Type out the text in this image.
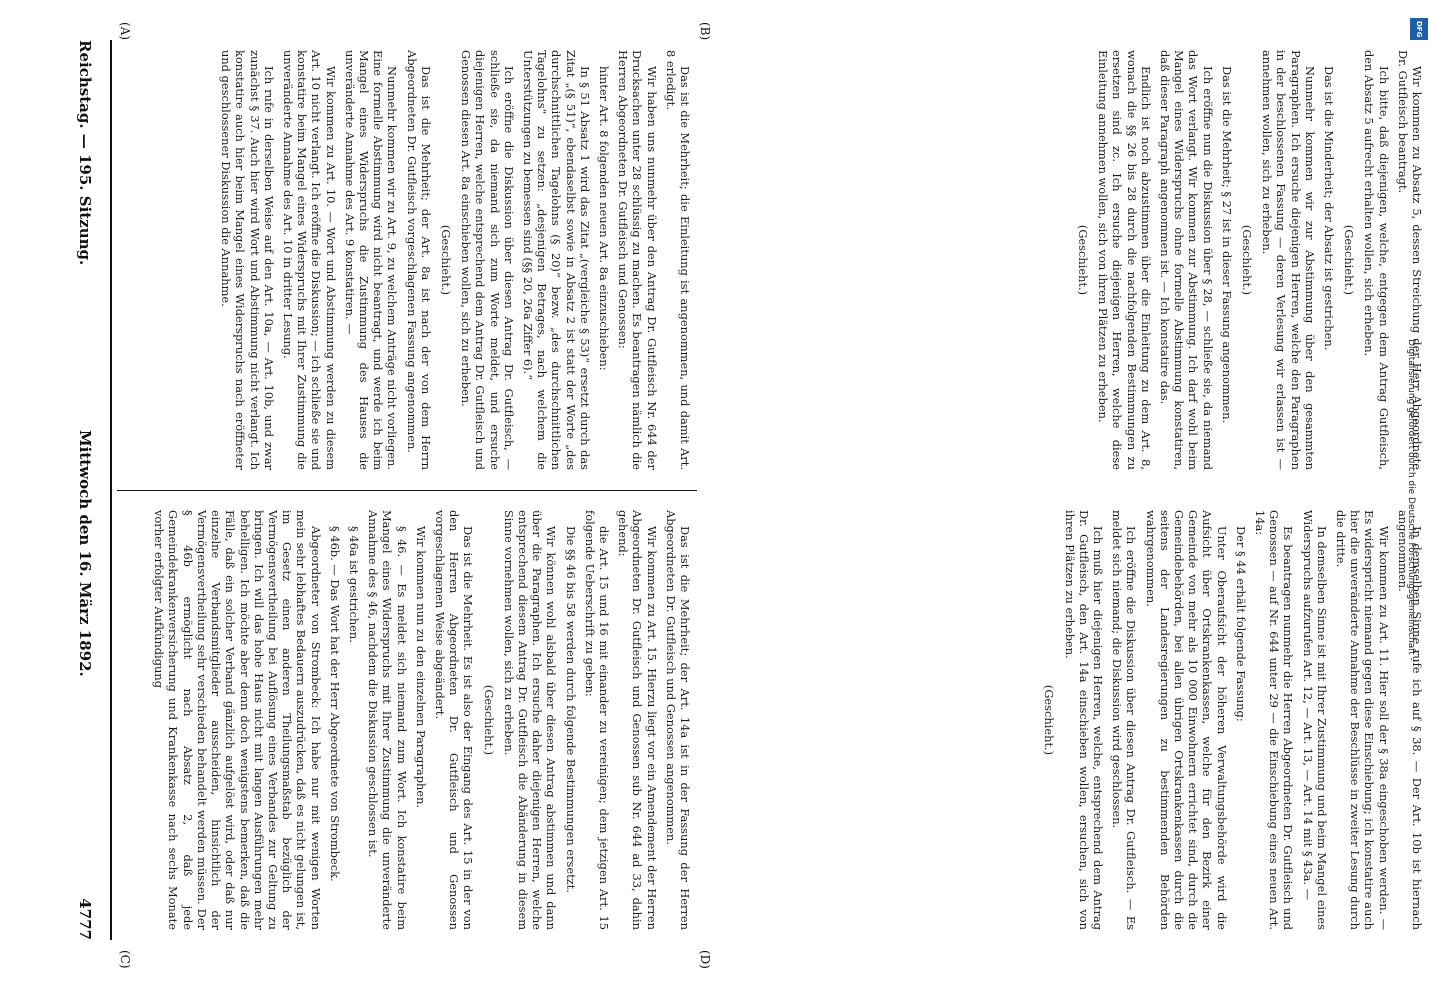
In demselben Sinne rufe ich auf § 38. — Der Art. 10b ist hiernach angenommen.

Wir kommen zu Art. 11. Hier soll der § 38a eingeschoben werden. — Es widerspricht niemand gegen diese Einschiebung; ich konstatire auch hier die unveränderte Annahme der Beschlüsse in zweiter Lesung durch die dritte.

In demselben Sinne ist mit Ihrer Zustimmung und beim Mangel eines Widerspruchs aufzurufen Art. 12, — Art. 13, — Art. 14 mit § 43a. —

Es beantragen nunmehr die Herren Abgeordneten Dr. Gutfleisch und Genossen — auf Nr. 644 unter 29 — die Einschiebung eines neuen Art. 14a:

Der § 44 erhält folgende Fassung:

Unter Oberaufsicht der höheren Verwaltungsbehörde wird die Aufsicht über Ortskrankenkassen, welche für den Bezirk einer Gemeinde von mehr als 10 000 Einwohnern errichtet sind, durch die Gemeindebehörden, bei allen übrigen Ortskrankenkassen durch die seitens der Landesregierungen zu bestimmenden Behörden wahrgenommen.

Ich eröffne die Diskussion über diesen Antrag Dr. Gutfleisch. — Es meldet sich niemand; die Diskussion wird geschlossen.

Ich muß hier diejenigen Herren, welche, entsprechend dem Antrag Dr. Gutfleisch, den Art. 14a einschieben wollen, ersuchen, sich von ihren Plätzen zu erheben.

(Geschieht.)

Das ist die Mehrheit; der Art. 14a ist in der Fassung der Herren Abgeordneten Dr. Gutfleisch und Genossen angenommen.

Wir kommen zu Art. 15. Hierzu liegt vor ein Amendement der Herren Abgeordneten Dr. Gutfleisch und Genossen sub Nr. 644 ad 33, dahin gehend:

die Art. 15 und 16 mit einander zu vereinigen; dem jetzigen Art. 15 folgende Ueberschrift zu geben:

Die §§ 46 bis 58 werden durch folgende Bestimmungen ersetzt.

Wir können wohl alsbald über diesen Antrag abstimmen und dann über die Paragraphen. Ich ersuche daher diejenigen Herren, welche entsprechend diesem Antrag Dr. Gutfleisch die Abänderung in diesem Sinne vornehmen wollen, sich zu erheben.

(Geschieht.)

Das ist die Mehrheit. Es ist also der Eingang des Art. 15 in der von den Herren Abgeordneten Dr. Gutfleisch und Genossen vorgeschlagenen Weise abgeändert.

Wir kommen nun zu den einzelnen Paragraphen.

§ 46. — Es meldet sich niemand zum Wort. Ich konstatire beim Mangel eines Widerspruchs mit Ihrer Zustimmung die unveränderte Annahme des § 46, nachdem die Diskussion geschlossen ist.

§ 46a ist gestrichen.

§ 46b. — Das Wort hat der Herr Abgeordnete von Strombeck.

Abgeordneter von Strombeck: Ich habe nur mit wenigen Worten mein sehr lebhaftes Bedauern auszudrücken, daß es nicht gelungen ist, im Gesetz einen anderen Theilungsmaßstab bezüglich der Vermögensvertheilung bei Auflösung eines Verbandes zur Geltung zu bringen. Ich will das hohe Haus nicht mit langen Ausführungen mehr behelligen. Ich möchte aber denn doch wenigstens bemerken, daß die Fälle, daß ein solcher Verband gänzlich aufgelöst wird, oder daß nur einzelne Verbandsmitglieder ausscheiden, hinsichtlich der Vermögensvertheilung sehr verschieden behandelt werden müssen. Der § 46b ermöglicht nach Absatz 2, daß jede Gemeindekrankenversicherung und Krankenkasse nach sechs Monate vorher erfolgter Aufkündigung

Wir kommen zu Absatz 5, dessen Streichung der Herr Abgeordnete Dr. Gutfleisch beantragt.

Ich bitte, daß diejenigen, welche, entgegen dem Antrag Gutfleisch, den Absatz 5 aufrecht erhalten wollen, sich erheben.

(Geschieht.)

Das ist die Minderheit; der Absatz ist gestrichen.

Nunmehr kommen wir zur Abstimmung über den gesammten Paragraphen. Ich ersuche diejenigen Herren, welche den Paragraphen in der beschlossenen Fassung — deren Verlesung wir erlassen ist — annehmen wollen, sich zu erheben.

(Geschieht.)

Das ist die Mehrheit; § 27 ist in dieser Fassung angenommen.

Ich eröffne nun die Diskussion über § 28, — schließe sie, da niemand das Wort verlangt. Wir kommen zur Abstimmung. Ich darf wohl beim Mangel eines Widerspruchs ohne formelle Abstimmung konstatiren, daß dieser Paragraph angenommen ist. — Ich konstatire das.

Endlich ist noch abzustimmen über die Einleitung zu dem Art. 8, wonach die §§ 26 bis 28 durch die nachfolgenden Bestimmungen zu ersetzen sind zc. Ich ersuche diejenigen Herren, welche diese Einleitung annehmen wollen, sich von ihren Plätzen zu erheben.

(Geschieht.)

Das ist die Mehrheit; die Einleitung ist angenommen, und damit Art. 8 erledigt.

Wir haben uns nunmehr über den Antrag Dr. Gutfleisch Nr. 644 der Drucksachen unter 28 schlüssig zu machen. Es beantragen nämlich die Herren Abgeordneten Dr. Gutfleisch und Genossen:

hinter Art. 8 folgenden neuen Art. 8a einzuschieben:

In § 51 Absatz 1 wird das Zitat „(vergleiche § 53)“ ersetzt durch das Zitat „(§ 51)“, ebendaselbst sowie in Absatz 2 ist statt der Worte „des durchschnittlichen Tagelohns (§ 20)“ bezw. „des durchschnittlichen Tagelohns“ zu setzen: „desjenigen Betrages, nach welchem die Unterstützungen zu bemessen sind (§§ 20, 26a Ziffer 6).“

Ich eröffne die Diskussion über diesen Antrag Dr. Gutfleisch, — schließe sie, da niemand sich zum Worte meldet, und ersuche diejenigen Herren, welche entsprechend dem Antrag Dr. Gutfleisch und Genossen diesen Art. 8a einschieben wollen, sich zu erheben.

(Geschieht.)

Das ist die Mehrheit; der Art. 8a ist nach der von dem Herrn Abgeordneten Dr. Gutfleisch vorgeschlagenen Fassung angenommen.

Nunmehr kommen wir zu Art. 9, zu welchem Anträge nicht vorliegen. Eine formelle Abstimmung wird nicht beantragt, und werde ich beim Mangel eines Widerspruchs die Zustimmung des Hauses die unveränderte Annahme des Art. 9 konstatiren. —

Wir kommen zu Art. 10. — Wort und Abstimmung werden zu diesem Art. 10 nicht verlangt. Ich eröffne die Diskussion; — ich schließe sie und konstatire beim Mangel eines Widerspruchs mit Ihrer Zustimmung die unveränderte Annahme des Art. 10 in dritter Lesung.

Ich rufe in derselben Weise auf den Art. 10a, — Art. 10b, und zwar zunächst § 37. Auch hier wird Wort und Abstimmung nicht verlangt. Ich konstatire auch hier beim Mangel eines Widerspruchs nach eröffneter und geschlossener Diskussion die Annahme.

Reichstag. — 195. Sitzung.
Mittwoch den 16. März 1892.
4777
(A)	(B)
(C)	(D)
DFG
Digitalisierung gefördert durch die Deutsche Forschungsgemeinschaft -
